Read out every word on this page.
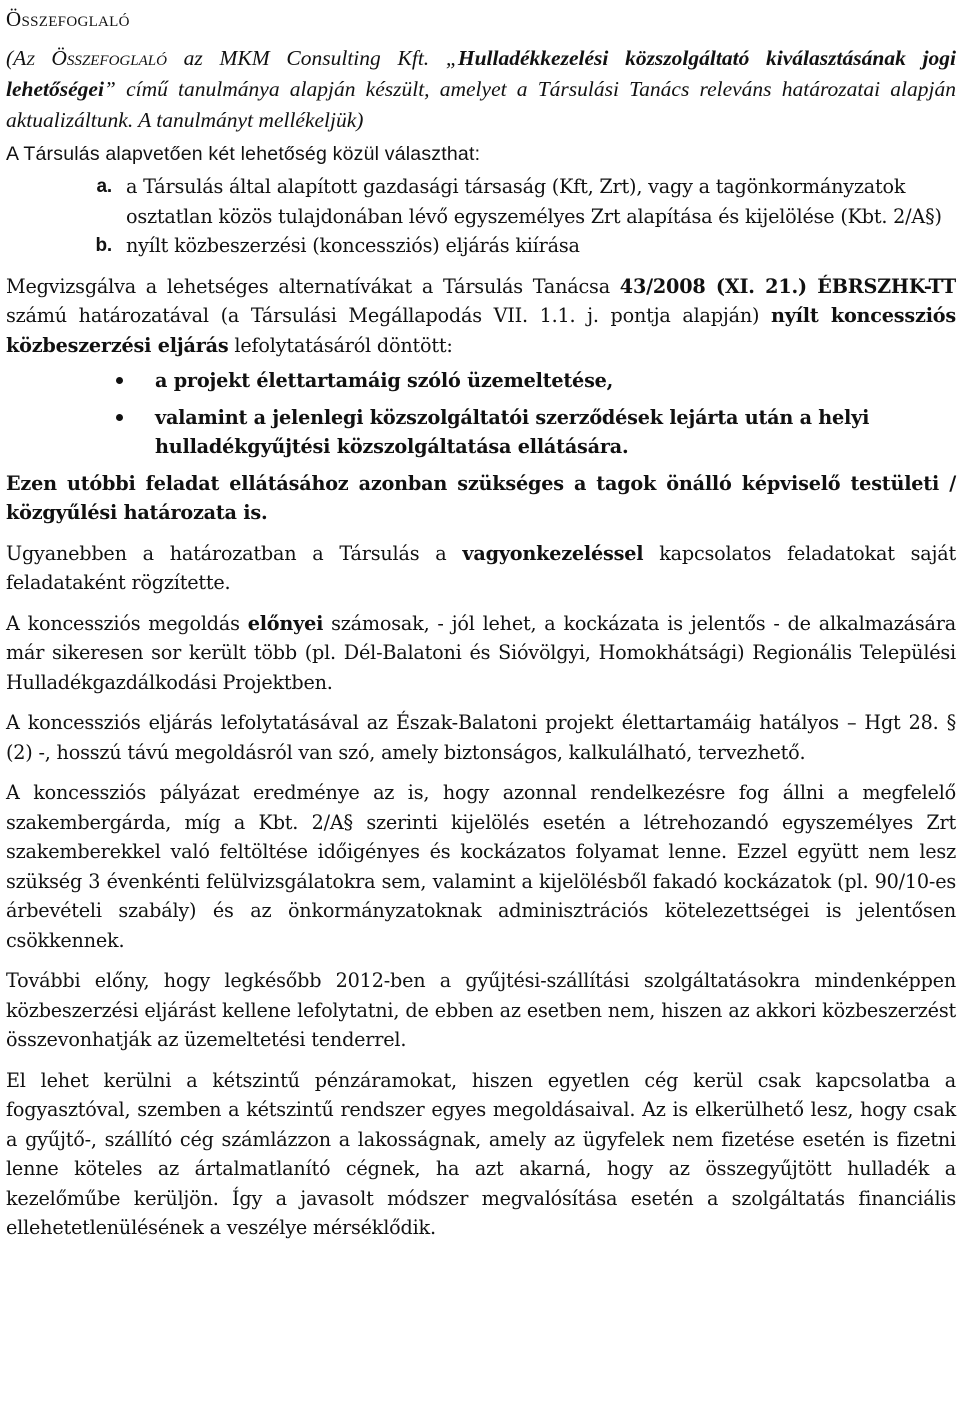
Összefoglaló

(Az Összefoglaló az MKM Consulting Kft. „Hulladékkezelési közszolgáltató kiválasztásának jogi lehetőségei” című tanulmánya alapján készült, amelyet a Társulási Tanács releváns határozatai alapján aktualizáltunk. A tanulmányt mellékeljük)

A Társulás alapvetően két lehetőség közül választhat:

a. a Társulás által alapított gazdasági társaság (Kft, Zrt), vagy a tagönkormányzatok osztatlan közös tulajdonában lévő egyszemélyes Zrt alapítása és kijelölése (Kbt. 2/A§)
b. nyílt közbeszerzési (koncessziós) eljárás kiírása

Megvizsgálva a lehetséges alternatívákat a Társulás Tanácsa 43/2008 (XI. 21.) ÉBRSZHK-TT számú határozatával (a Társulási Megállapodás VII. 1.1. j. pontja alapján) nyílt koncessziós közbeszerzési eljárás lefolytatásáról döntött:

a projekt élettartamáig szóló üzemeltetése,
valamint a jelenlegi közszolgáltatói szerződések lejárta után a helyi hulladékgyűjtési közszolgáltatása ellátására.

Ezen utóbbi feladat ellátásához azonban szükséges a tagok önálló képviselő testületi / közgyűlési határozata is.

Ugyanebben a határozatban a Társulás a vagyonkezeléssel kapcsolatos feladatokat saját feladataként rögzítette.

A koncessziós megoldás előnyei számosak, - jól lehet, a kockázata is jelentős - de alkalmazására már sikeresen sor került több (pl. Dél-Balatoni és Sióvölgyi, Homokhátsági) Regionális Települési Hulladékgazdálkodási Projektben.

A koncessziós eljárás lefolytatásával az Észak-Balatoni projekt élettartamáig hatályos – Hgt 28. § (2) -, hosszú távú megoldásról van szó, amely biztonságos, kalkulálható, tervezhető.

A koncessziós pályázat eredménye az is, hogy azonnal rendelkezésre fog állni a megfelelő szakembergárda, míg a Kbt. 2/A§ szerinti kijelölés esetén a létrehozandó egyszemélyes Zrt szakemberekkel való feltöltése időigényes és kockázatos folyamat lenne. Ezzel együtt nem lesz szükség 3 évenkénti felülvizsgálatokra sem, valamint a kijelölésből fakadó kockázatok (pl. 90/10-es árbevételi szabály) és az önkormányzatoknak adminisztrációs kötelezettségei is jelentősen csökkennek.

További előny, hogy legkésőbb 2012-ben a gyűjtési-szállítási szolgáltatásokra mindenképpen közbeszerzési eljárást kellene lefolytatni, de ebben az esetben nem, hiszen az akkori közbeszerzést összevonhatják az üzemeltetési tenderrel.

El lehet kerülni a kétszintű pénzáramokat, hiszen egyetlen cég kerül csak kapcsolatba a fogyasztóval, szemben a kétszintű rendszer egyes megoldásaival. Az is elkerülhető lesz, hogy csak a gyűjtő-, szállító cég számlázzon a lakosságnak, amely az ügyfelek nem fizetése esetén is fizetni lenne köteles az ártalmatlanító cégnek, ha azt akarná, hogy az összegyűjtött hulladék a kezelőműbe kerüljön. Így a javasolt módszer megvalósítása esetén a szolgáltatás financiális ellehetetlenülésének a veszélye mérséklődik.
